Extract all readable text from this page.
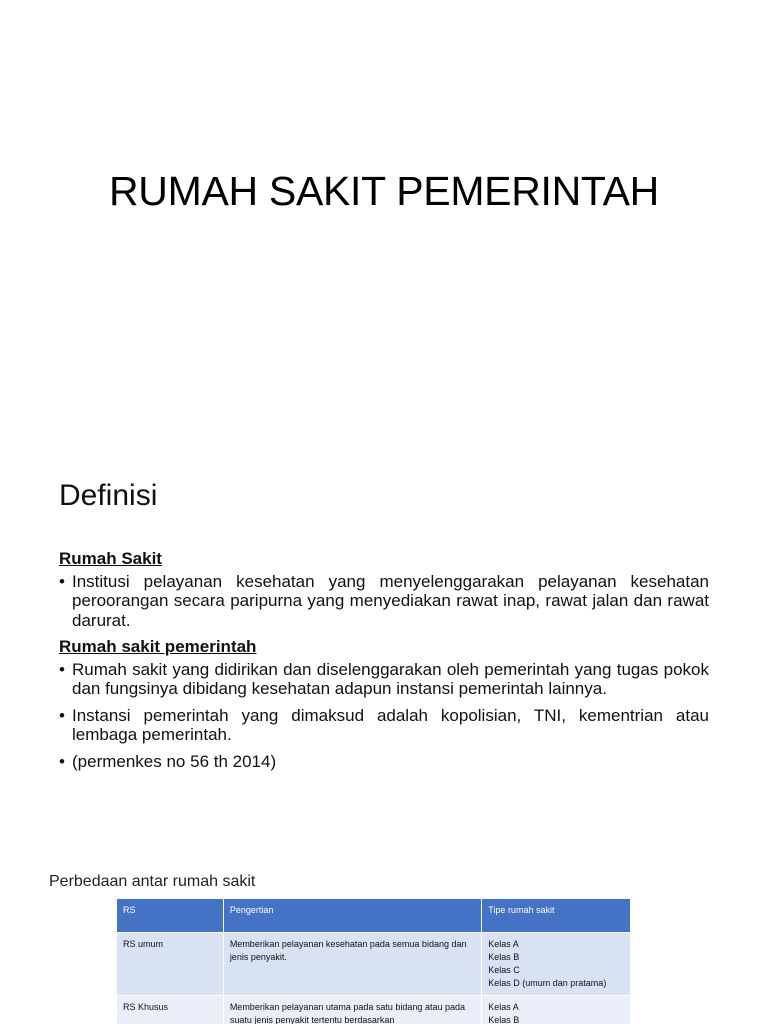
RUMAH SAKIT PEMERINTAH
Definisi
Rumah Sakit
• Institusi pelayanan kesehatan yang menyelenggarakan pelayanan kesehatan peroorangan secara paripurna yang menyediakan rawat inap, rawat jalan dan rawat darurat.
Rumah sakit pemerintah
• Rumah sakit yang didirikan dan diselenggarakan oleh pemerintah yang tugas pokok dan fungsinya dibidang kesehatan adapun instansi pemerintah lainnya.
• Instansi pemerintah yang dimaksud adalah kopolisian, TNI, kementrian atau lembaga pemerintah.
• (permenkes no 56 th 2014)
Perbedaan antar rumah sakit
RS	Pengertian	Tipe rumah sakit
RS umum	Memberikan pelayanan kesehatan pada semua bidang dan jenis penyakit.	Kelas A
Kelas B
Kelas C
Kelas D (umum dan pratama)

RS Khusus	Memberikan pelayanan utama pada satu bidang atau pada suatu jenis penyakit tertentu berdasarkan	Kelas A
Kelas B
